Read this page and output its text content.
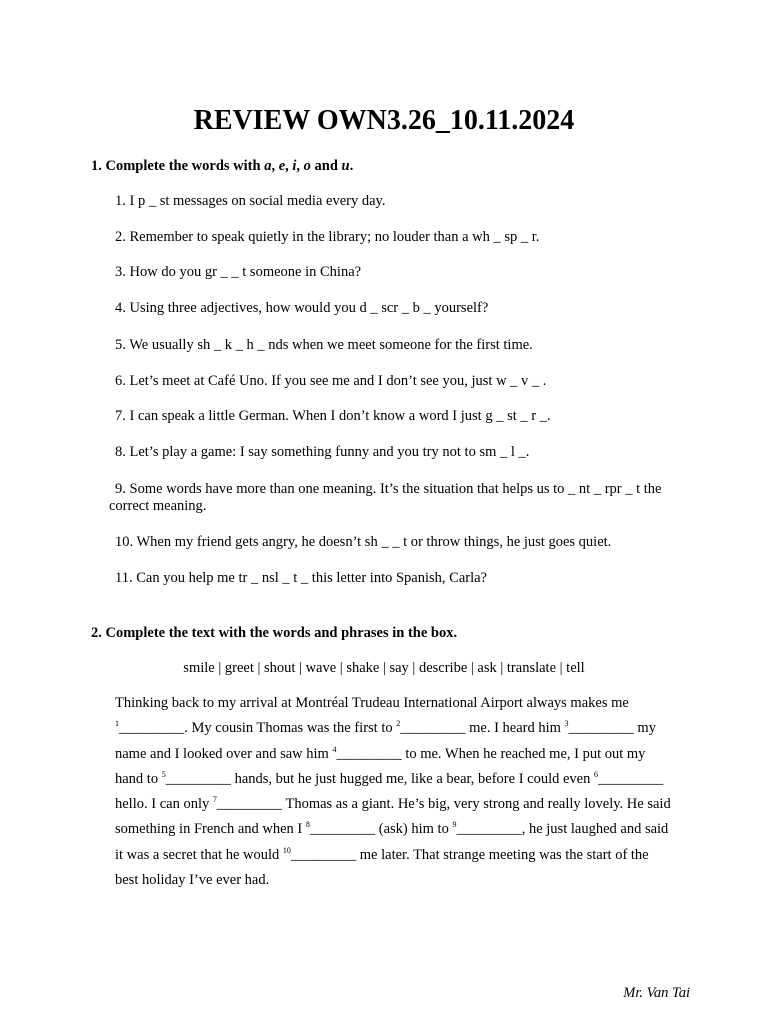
REVIEW OWN3.26_10.11.2024
1. Complete the words with a, e, i, o and u.
1. I p _ st messages on social media every day.
2. Remember to speak quietly in the library; no louder than a wh _ sp _ r.
3. How do you gr _ _ t someone in China?
4. Using three adjectives, how would you d _ scr _ b _ yourself?
5. We usually sh _ k _ h _ nds when we meet someone for the first time.
6. Let’s meet at Café Uno. If you see me and I don’t see you, just w _ v _ .
7. I can speak a little German. When I don’t know a word I just g _ st _ r _.
8. Let’s play a game: I say something funny and you try not to sm _ l _.
9. Some words have more than one meaning. It’s the situation that helps us to _ nt _ rpr _ t the correct meaning.
10. When my friend gets angry, he doesn’t sh _ _ t or throw things, he just goes quiet.
11. Can you help me tr _ nsl _ t _ this letter into Spanish, Carla?
2. Complete the text with the words and phrases in the box.
smile | greet | shout | wave | shake | say | describe | ask | translate | tell
Thinking back to my arrival at Montréal Trudeau International Airport always makes me $^1$_________. My cousin Thomas was the first to $^2$_________ me. I heard him $^3$_________ my name and I looked over and saw him $^4$_________ to me. When he reached me, I put out my hand to $^5$_________ hands, but he just hugged me, like a bear, before I could even $^6$_________ hello. I can only $^7$_________ Thomas as a giant. He’s big, very strong and really lovely. He said something in French and when I $^8$_________ (ask) him to $^9$_________, he just laughed and said it was a secret that he would $^{10}$_________ me later. That strange meeting was the start of the best holiday I’ve ever had.
Mr. Van Tai
